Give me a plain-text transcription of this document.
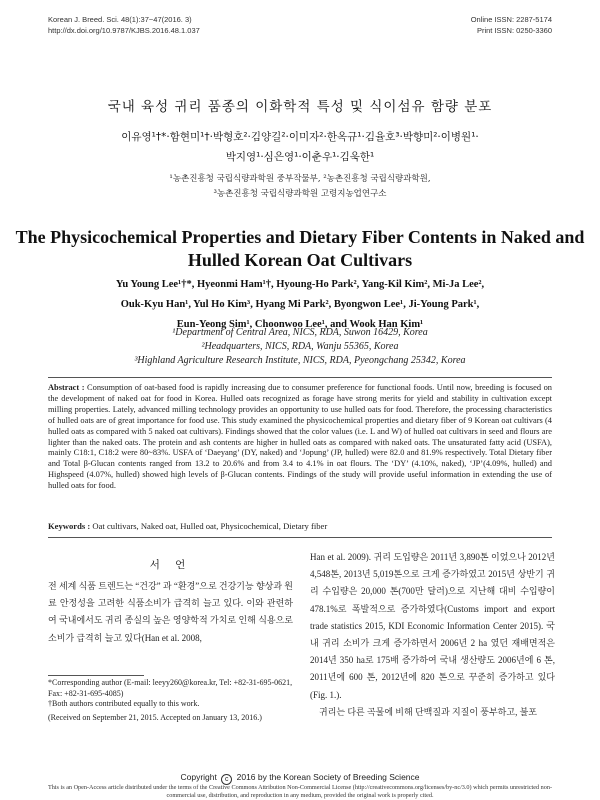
Korean J. Breed. Sci. 48(1):37~47(2016. 3)
http://dx.doi.org/10.9787/KJBS.2016.48.1.037
Online ISSN: 2287-5174
Print ISSN: 0250-3360
국내 육성 귀리 품종의 이화학적 특성 및 식이섬유 함량 분포
이유영¹†*·함현미¹†·박형호²·김양길²·이미자²·한옥규¹·김율호³·박향미²·이병원¹·
박지영¹·심은영¹·이춘우¹·김욱한¹
¹농촌진흥청 국립식량과학원 중부작물부, ²농촌진흥청 국립식량과학원,
³농촌진흥청 국립식량과학원 고령지농업연구소
The Physicochemical Properties and Dietary Fiber Contents in Naked and
Hulled Korean Oat Cultivars
Yu Young Lee¹†*, Hyeonmi Ham¹†, Hyoung-Ho Park², Yang-Kil Kim², Mi-Ja Lee²,
Ouk-Kyu Han¹, Yul Ho Kim³, Hyang Mi Park², Byongwon Lee¹, Ji-Young Park¹,
Eun-Yeong Sim¹, Choonwoo Lee¹, and Wook Han Kim¹
¹Department of Central Area, NICS, RDA, Suwon 16429, Korea
²Headquarters, NICS, RDA, Wanju 55365, Korea
³Highland Agriculture Research Institute, NICS, RDA, Pyeongchang 25342, Korea
Abstract : Consumption of oat-based food is rapidly increasing due to consumer preference for functional foods. Until now, breeding is focused on the development of naked oat for food in Korea. Hulled oats recognized as forage have strong merits for yield and stability in cultivation except milling properties. Lately, advanced milling technology provides an opportunity to use hulled oats for food. Therefore, the processing characteristics of hulled oats are of great importance for food use. This study examined the physicochemical properties and dietary fiber of 9 Korean oat cultivars (4 hulled oats as compared with 5 naked oat cultivars). Findings showed that the color values (i.e. L and W) of hulled oat cultivars in seed and flours are lighter than the naked oats. The protein and ash contents are higher in hulled oats as compared with naked oats. The unsaturated fatty acid (USFA), mainly C18:1, C18:2 were 80~83%. USFA of ‘Daeyang’ (DY, naked) and ‘Jopung’ (JP, hulled) were 82.0 and 81.9% respectively. Total Dietary fiber and Total β-Glucan contents ranged from 13.2 to 20.6% and from 3.4 to 4.1% in oat flours. The ‘DY’ (4.10%, naked), ‘JP’(4.09%, hulled) and Highspeed (4.07%, hulled) showed high levels of β-Glucan contents. Findings of the study will provide useful information in extending the use of hulled oats for food.
Keywords : Oat cultivars, Naked oat, Hulled oat, Physicochemical, Dietary fiber
서 언
전 세계 식품 트렌드는 “건강” 과 “환경”으로 건강기능 향상과 원료 안정성을 고려한 식품소비가 급격히 늘고 있다. 이와 관련하여 국내에서도 귀리 종실의 높은 영양학적 가치로 인해 식용으로 소비가 급격히 늘고 있다(Han et al. 2008,
*Corresponding author (E-mail: leeyy260@korea.kr, Tel: +82-31-695-0621, Fax: +82-31-695-4085)
†Both authors contributed equally to this work.
(Received on September 21, 2015. Accepted on January 13, 2016.)
Han et al. 2009). 귀리 도입량은 2011년 3,890톤 이었으나 2012년 4,548톤, 2013년 5,019톤으로 크게 증가하였고 2015년 상반기 귀리 수입량은 20,000 톤(700만 달러)으로 지난해 대비 수입량이 478.1%로 폭발적으로 증가하였다(Customs import and export trade statistics 2015, KDI Economic Information Center 2015). 국내 귀리 소비가 크게 증가하면서 2006년 2 ha 였던 재배면적은 2014년 350 ha로 175배 증가하여 국내 생산량도 2006년에 6 톤, 2011년에 600 톤, 2012년에 820 톤으로 꾸준히 증가하고 있다(Fig. 1.).
귀리는 다른 곡물에 비해 단백질과 지질이 풍부하고, 불포
Copyright c 2016 by the Korean Society of Breeding Science
This is an Open-Access article distributed under the terms of the Creative Commons Attribution Non-Commercial License (http://creativecommons.org/licenses/by-nc/3.0) which permits unrestricted non-commercial use, distribution, and reproduction in any medium, provided the original work is properly cited.
